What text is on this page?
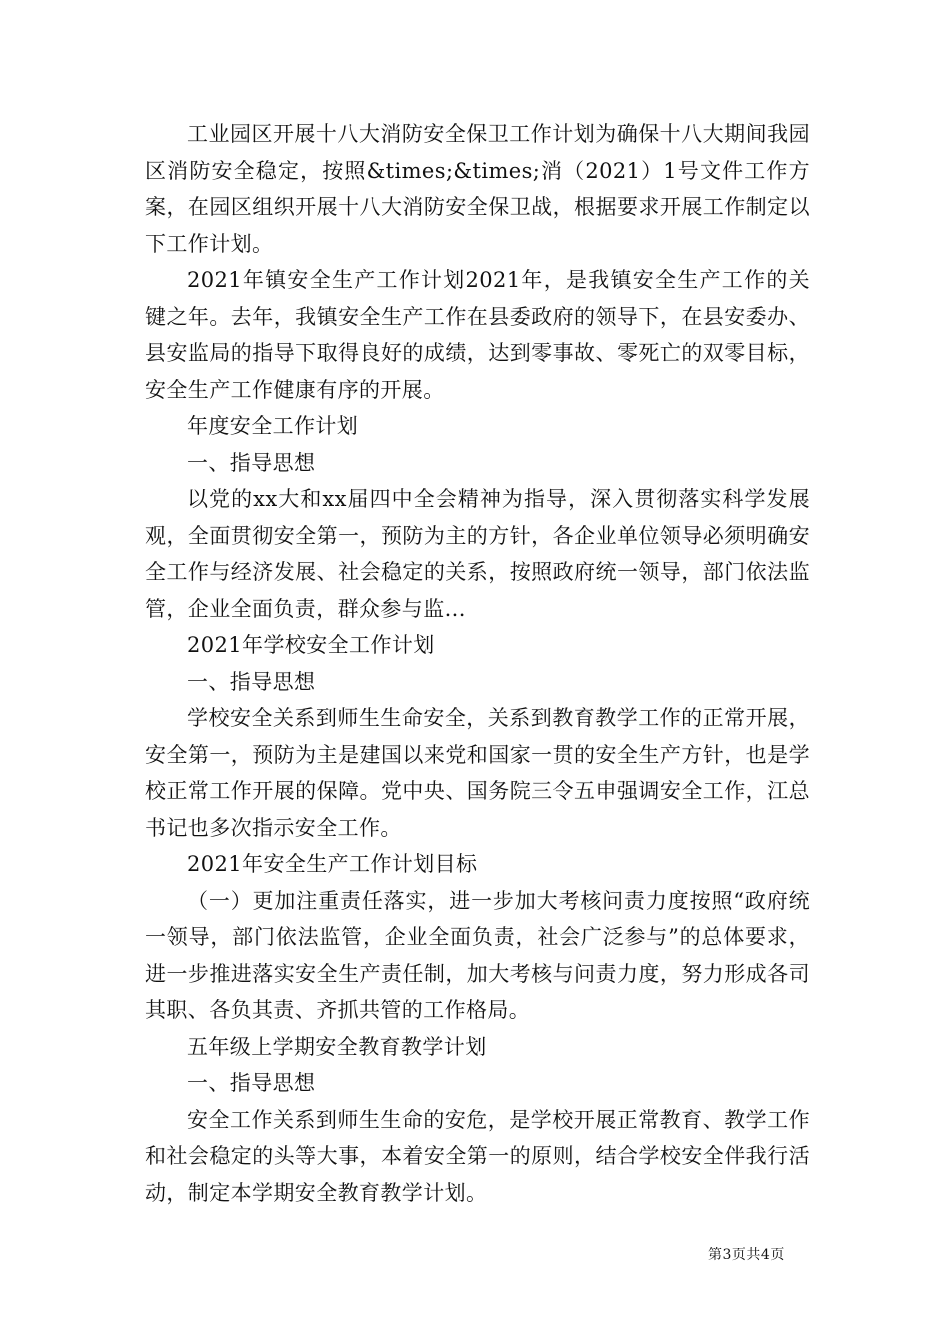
工业园区开展十八大消防安全保卫工作计划为确保十八大期间我园区消防安全稳定，按照&times;&times;消（2021）1号文件工作方案，在园区组织开展十八大消防安全保卫战，根据要求开展工作制定以下工作计划。

2021年镇安全生产工作计划2021年，是我镇安全生产工作的关键之年。去年，我镇安全生产工作在县委政府的领导下，在县安委办、县安监局的指导下取得良好的成绩，达到零事故、零死亡的双零目标，安全生产工作健康有序的开展。

年度安全工作计划

一、指导思想

以党的xx大和xx届四中全会精神为指导，深入贯彻落实科学发展观，全面贯彻安全第一，预防为主的方针，各企业单位领导必须明确安全工作与经济发展、社会稳定的关系，按照政府统一领导，部门依法监管，企业全面负责，群众参与监...

2021年学校安全工作计划

一、指导思想

学校安全关系到师生生命安全，关系到教育教学工作的正常开展，安全第一，预防为主是建国以来党和国家一贯的安全生产方针，也是学校正常工作开展的保障。党中央、国务院三令五申强调安全工作，江总书记也多次指示安全工作。

2021年安全生产工作计划目标

（一）更加注重责任落实，进一步加大考核问责力度按照“政府统一领导，部门依法监管，企业全面负责，社会广泛参与”的总体要求，进一步推进落实安全生产责任制，加大考核与问责力度，努力形成各司其职、各负其责、齐抓共管的工作格局。

五年级上学期安全教育教学计划

一、指导思想

安全工作关系到师生生命的安危，是学校开展正常教育、教学工作和社会稳定的头等大事，本着安全第一的原则，结合学校安全伴我行活动，制定本学期安全教育教学计划。

第3页共4页
